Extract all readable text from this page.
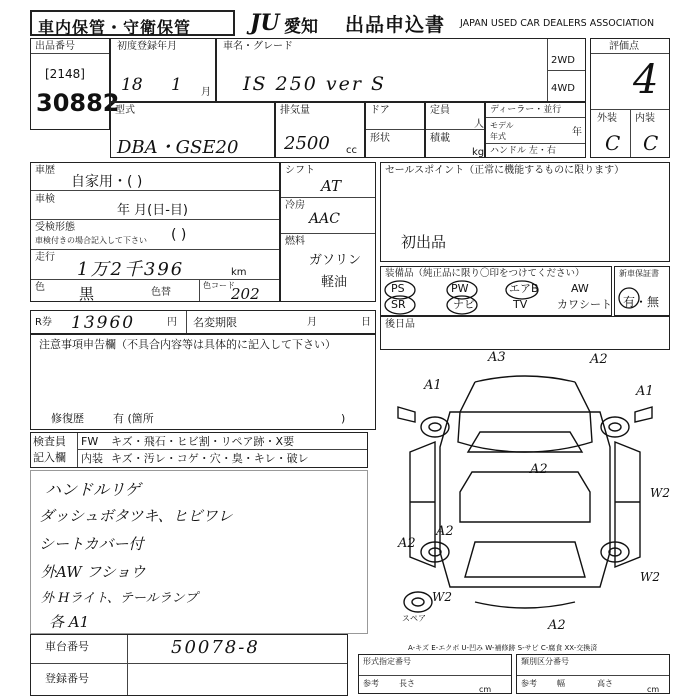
車内保管・守衛保管	JU 愛知 出品申込書 JAPAN USED CAR DEALERS ASSOCIATION
出品番号
[2148]
30882
初度登録年月
18 1 月
車名・グレード
IS 250 ver S
2WD
4WD
評価点
4
外装 内装
C C
型式
DBA・GSE20
排気量
2500 cc
ドア
形状
定員
人
積載
kg
ディーラー・並行
モデル年式	年
ハンドル 左・右
車歴
自家用・( )
車検
年 月(日-目)
受検形態
車検付きの場合記入して下さい ( )
走行
1万2千396	km
色 黒	色替
色コード
202
シフト
AT
冷房
AAC
燃料
ガソリン
軽油
セールスポイント（正常に機能するものに限ります）
初出品
装備品（純正品に限り〇印をつけてください）
PS	PW	エアB	AW
SR	ナビ	TV	カワシート
新車保証書
有・無
R券 13960	円 名変期限	月	日 後日品
注意事項申告欄（不具合内容等は具体的に記入して下さい）
修復歴	有 (箇所	)
検査員
記入欄
FW キズ・飛石・ヒビ割・リペア跡・X要
内装 キズ・汚レ・コゲ・穴・臭・キレ・破レ
ハンドルリゲ
ダッシュボタツキ、ヒビワレ
シートカバー付
外AW フショウ
外 Hライト、テールランプ
各 A1
A3	A2
A1	A1
A2
W2
A2
A2
W2
W2
A2
スペア
A-キズ E-エクボ U-凹み W-補修跡 S-サビ C-腐食 XX-交換済
車台番号	50078-8
登録番号
形式指定番号
参考	長さ
cm
類別区分番号
参考	幅	高さ
cm
